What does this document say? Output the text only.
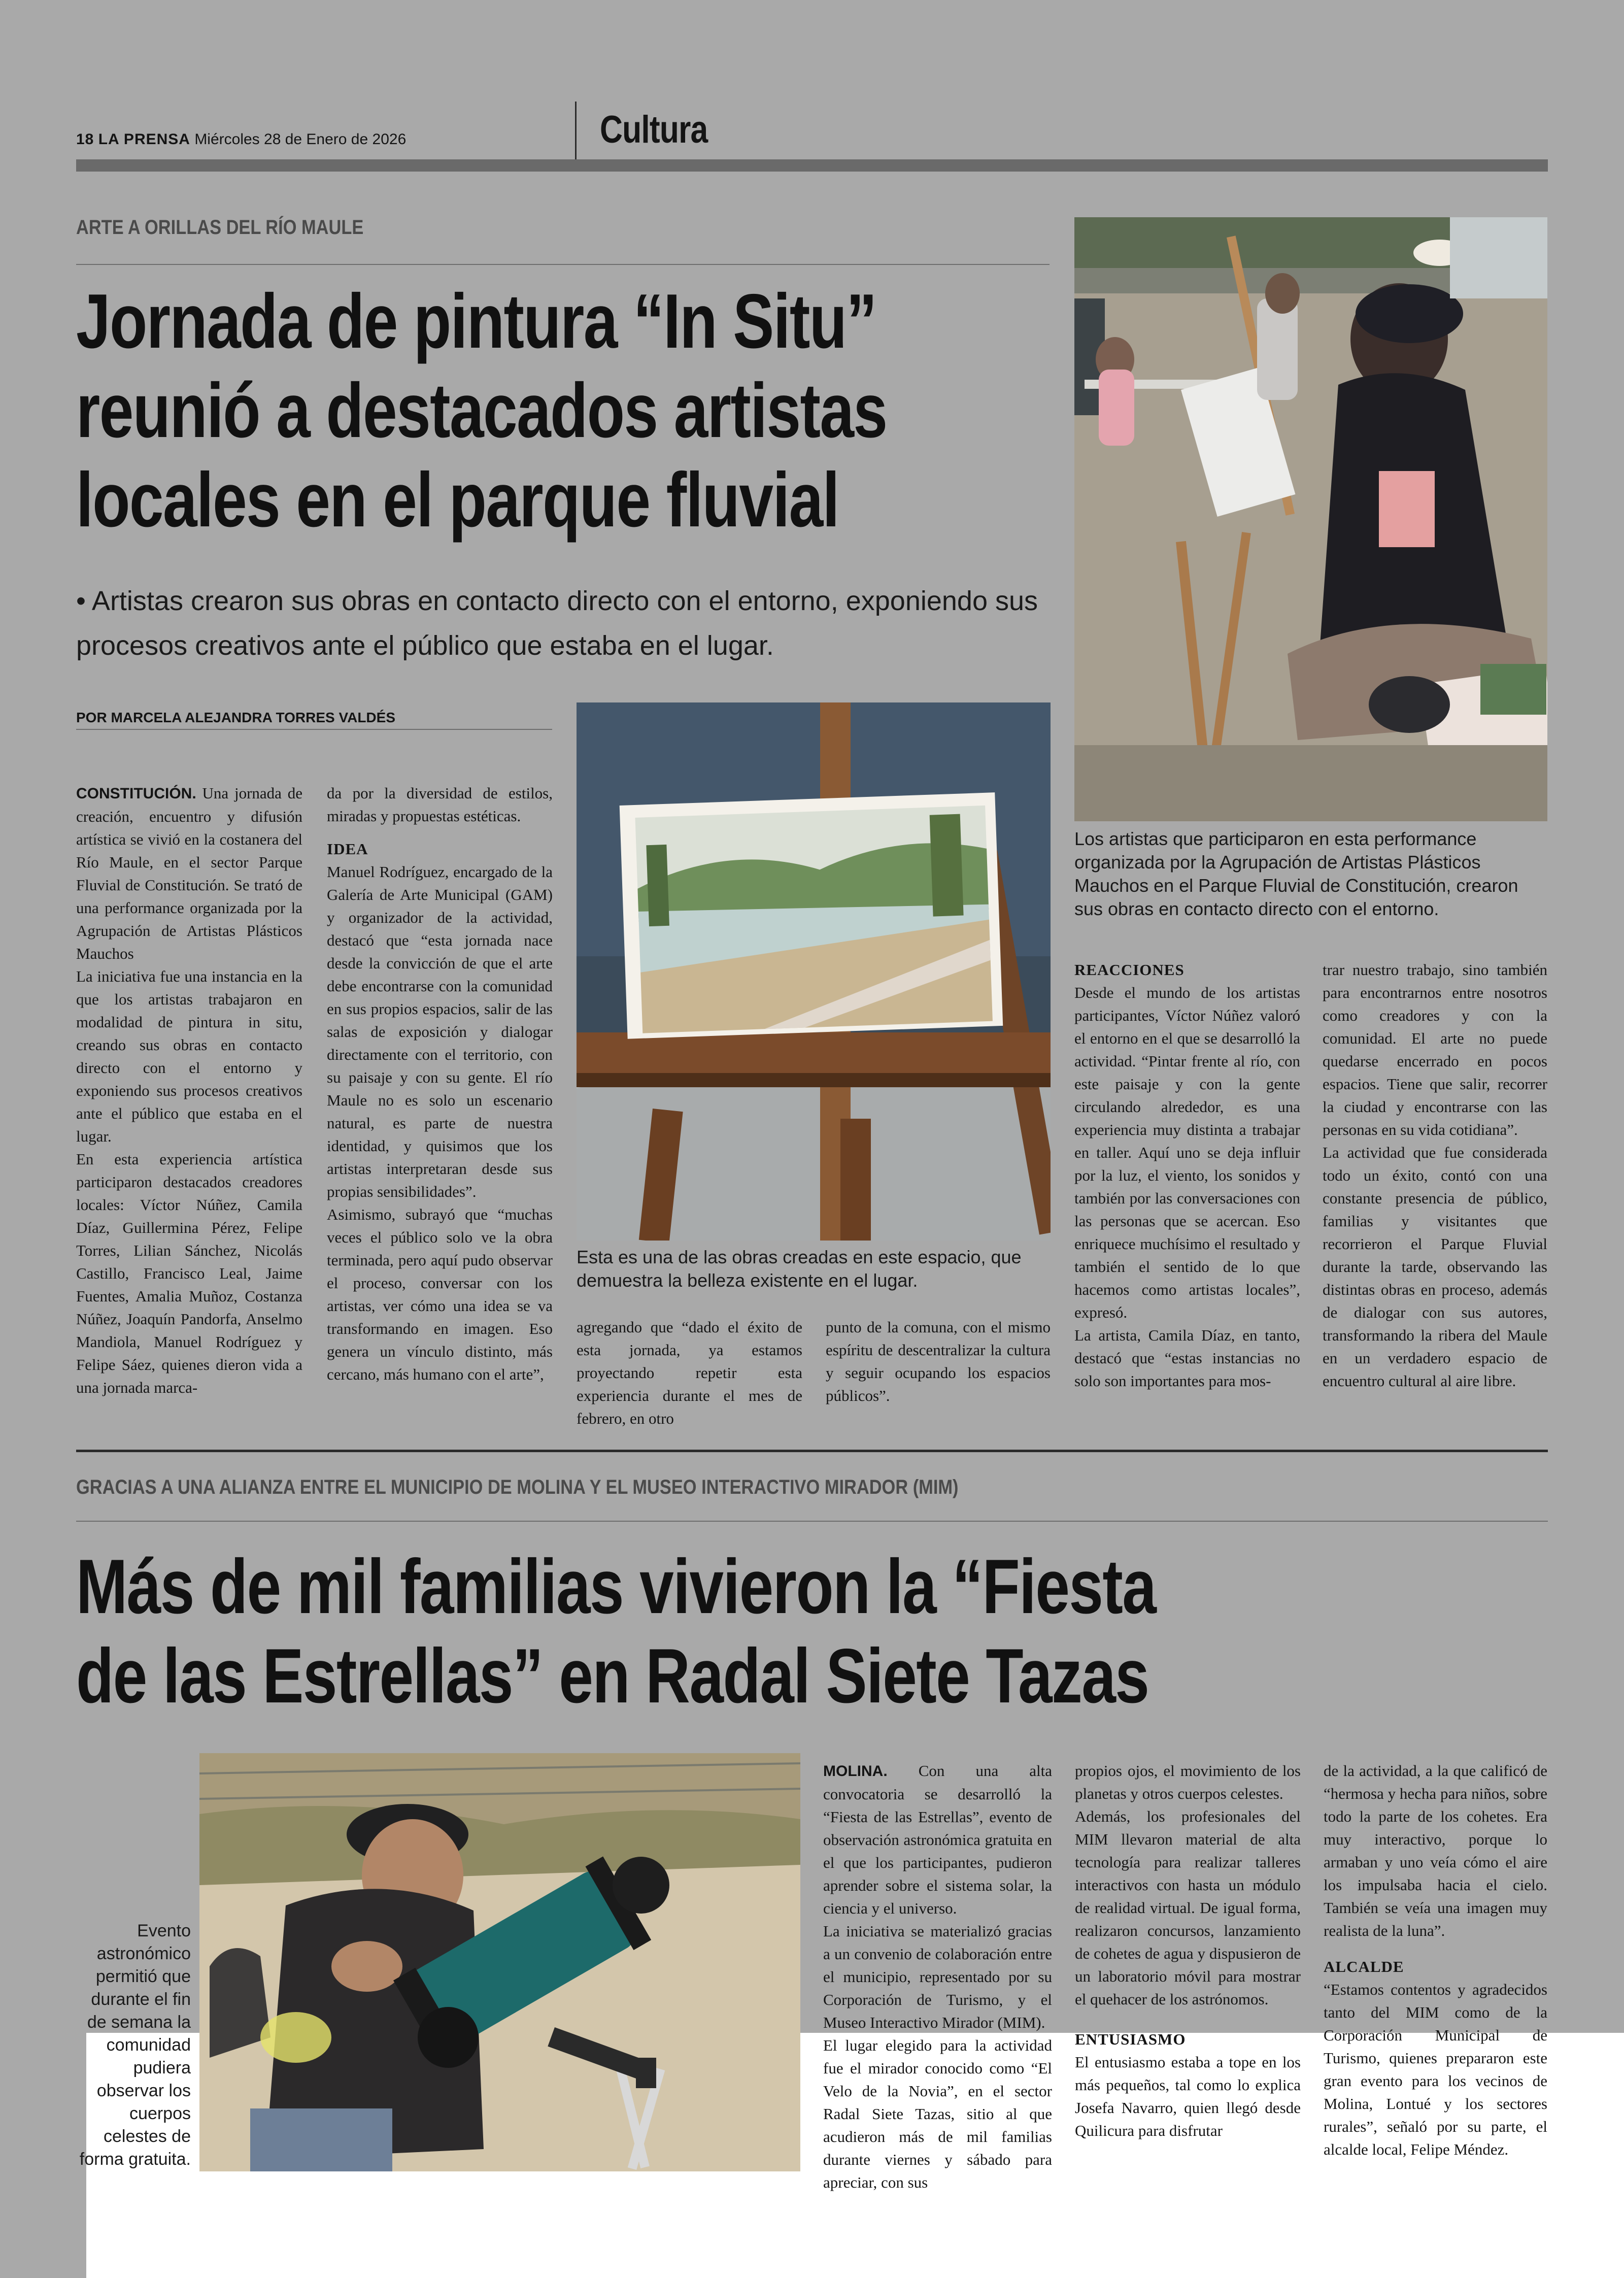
18 LA PRENSA Miércoles 28 de Enero de 2026	Cultura
ARTE A ORILLAS DEL RÍO MAULE
Jornada de pintura “In Situ”
reunió a destacados artistas
locales en el parque fluvial
• Artistas crearon sus obras en contacto directo con el entorno, exponiendo sus procesos creativos ante el público que estaba en el lugar.
POR MARCELA ALEJANDRA TORRES VALDÉS
Los artistas que participaron en esta performance organizada por la Agrupación de Artistas Plásticos Mauchos en el Parque Fluvial de Constitución, crearon sus obras en contacto directo con el entorno.
Esta es una de las obras creadas en este espacio, que demuestra la belleza existente en el lugar.

CONSTITUCIÓN. Una jornada de creación, encuentro y difusión artística se vivió en la costanera del Río Maule, en el sector Parque Fluvial de Constitución. Se trató de una performance organizada por la Agrupación de Artistas Plásticos Mauchos

La iniciativa fue una instancia en la que los artistas trabajaron en modalidad de pintura in situ, creando sus obras en contacto directo con el entorno y exponiendo sus procesos creativos ante el público que estaba en el lugar.

En esta experiencia artística participaron destacados creadores locales: Víctor Núñez, Camila Díaz, Guillermina Pérez, Felipe Torres, Lilian Sánchez, Nicolás Castillo, Francisco Leal, Jaime Fuentes, Amalia Muñoz, Costanza Núñez, Joaquín Pandorfa, Anselmo Mandiola, Manuel Rodríguez y Felipe Sáez, quienes dieron vida a una jornada marca-

da por la diversidad de estilos, miradas y propuestas estéticas.

IDEA

Manuel Rodríguez, encargado de la Galería de Arte Municipal (GAM) y organizador de la actividad, destacó que “esta jornada nace desde la convicción de que el arte debe encontrarse con la comunidad en sus propios espacios, salir de las salas de exposición y dialogar directamente con el territorio, con su paisaje y con su gente. El río Maule no es solo un escenario natural, es parte de nuestra identidad, y quisimos que los artistas interpretaran desde sus propias sensibilidades”.

Asimismo, subrayó que “muchas veces el público solo ve la obra terminada, pero aquí pudo observar el proceso, conversar con los artistas, ver cómo una idea se va transformando en imagen. Eso genera un vínculo distinto, más cercano, más humano con el arte”,

agregando que “dado el éxito de esta jornada, ya estamos proyectando repetir esta experiencia durante el mes de febrero, en otro

punto de la comuna, con el mismo espíritu de descentralizar la cultura y seguir ocupando los espacios públicos”.

REACCIONES

Desde el mundo de los artistas participantes, Víctor Núñez valoró el entorno en el que se desarrolló la actividad. “Pintar frente al río, con este paisaje y con la gente circulando alrededor, es una experiencia muy distinta a trabajar en taller. Aquí uno se deja influir por la luz, el viento, los sonidos y también por las conversaciones con las personas que se acercan. Eso enriquece muchísimo el resultado y también el sentido de lo que hacemos como artistas locales”, expresó.

La artista, Camila Díaz, en tanto, destacó que “estas instancias no solo son importantes para mos-

trar nuestro trabajo, sino también para encontrarnos entre nosotros como creadores y con la comunidad. El arte no puede quedarse encerrado en pocos espacios. Tiene que salir, recorrer la ciudad y encontrarse con las personas en su vida cotidiana”.

La actividad que fue considerada todo un éxito, contó con una constante presencia de público, familias y visitantes que recorrieron el Parque Fluvial durante la tarde, observando las distintas obras en proceso, además de dialogar con sus autores, transformando la ribera del Maule en un verdadero espacio de encuentro cultural al aire libre.

GRACIAS A UNA ALIANZA ENTRE EL MUNICIPIO DE MOLINA Y EL MUSEO INTERACTIVO MIRADOR (MIM)
Más de mil familias vivieron la “Fiesta
de las Estrellas” en Radal Siete Tazas
Evento astronómico permitió que durante el fin de semana la comunidad pudiera observar los cuerpos celestes de forma gratuita.

MOLINA. Con una alta convocatoria se desarrolló la “Fiesta de las Estrellas”, evento de observación astronómica gratuita en el que los participantes, pudieron aprender sobre el sistema solar, la ciencia y el universo.

La iniciativa se materializó gracias a un convenio de colaboración entre el municipio, representado por su Corporación de Turismo, y el Museo Interactivo Mirador (MIM).

El lugar elegido para la actividad fue el mirador conocido como “El Velo de la Novia”, en el sector Radal Siete Tazas, sitio al que acudieron más de mil familias durante viernes y sábado para apreciar, con sus

propios ojos, el movimiento de los planetas y otros cuerpos celestes.

Además, los profesionales del MIM llevaron material de alta tecnología para realizar talleres interactivos con hasta un módulo de realidad virtual. De igual forma, realizaron concursos, lanzamiento de cohetes de agua y dispusieron de un laboratorio móvil para mostrar el quehacer de los astrónomos.

ENTUSIASMO

El entusiasmo estaba a tope en los más pequeños, tal como lo explica Josefa Navarro, quien llegó desde Quilicura para disfrutar

de la actividad, a la que calificó de “hermosa y hecha para niños, sobre todo la parte de los cohetes. Era muy interactivo, porque lo armaban y uno veía cómo el aire los impulsaba hacia el cielo. También se veía una imagen muy realista de la luna”.

ALCALDE

“Estamos contentos y agradecidos tanto del MIM como de la Corporación Municipal de Turismo, quienes prepararon este gran evento para los vecinos de Molina, Lontué y los sectores rurales”, señaló por su parte, el alcalde local, Felipe Méndez.
